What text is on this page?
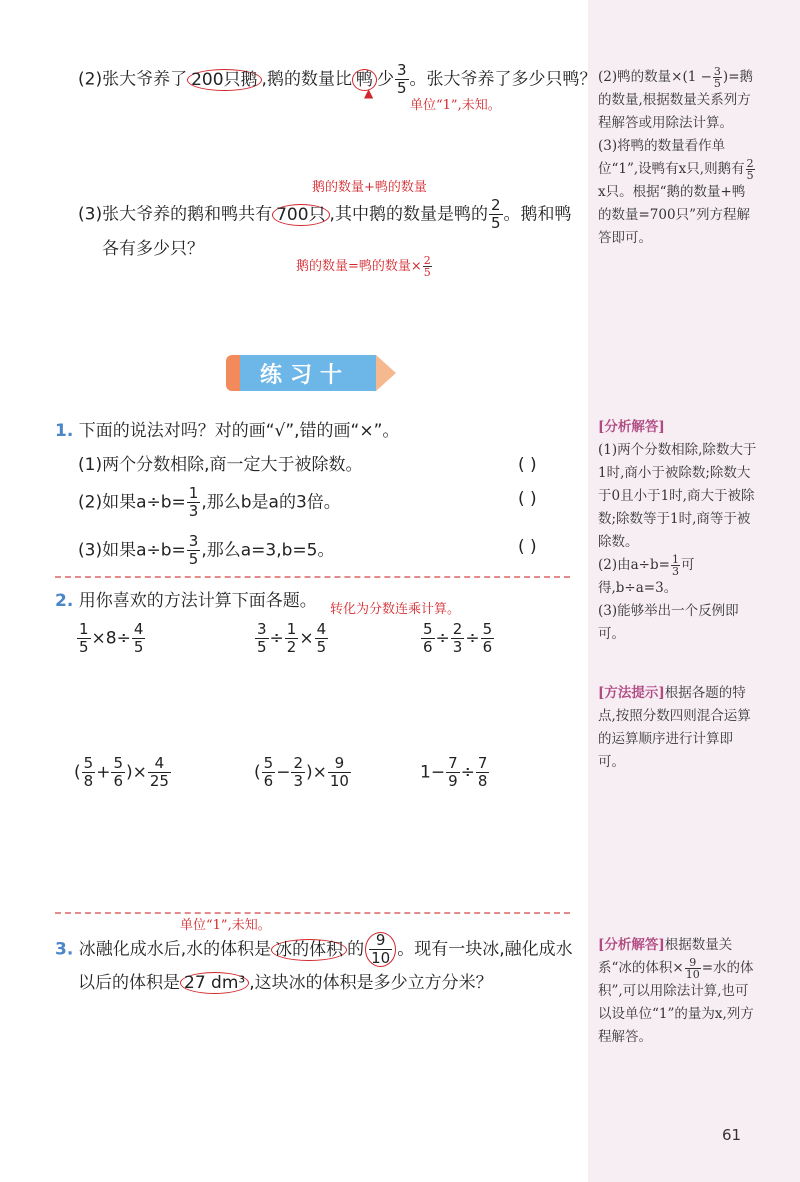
(2)张大爷养了 200只鹅 ,鹅的数量比 鸭 少 $\frac{3}{5}$ 。张大爷养了多少只鸭？
▲
单位“1”,未知。
鹅的数量+鸭的数量
(3)张大爷养的鹅和鸭共有 700只 ,其中鹅的数量是鸭的 $\frac{2}{5}$ 。鹅和鸭
各有多少只？
鹅的数量=鸭的数量× $\frac{2}{5}$
(2)鸭的数量$\times(1 - \frac{3}{5}$ )=鹅的数量,根据数量关系列方程解答或用除法计算。
(3)将鸭的数量看作单位“1”,设鸭有x只,则鹅有 $\frac{2}{5}$
x只。根据“鹅的数量+鸭的数量=700只”列方程解答即可。
练习十
1. 下面的说法对吗？对的画“√”,错的画“×”。
(1)两个分数相除,商一定大于被除数。	( )
(2)如果$a\div b= \frac{1}{3}$ ,那么b是a的3倍。	( )
(3)如果$a\div b= \frac{3}{5}$ ,那么a=3,b=5。	( )
[分析解答]
(1)两个分数相除,除数大于1时,商小于被除数;除数大于0且小于1时,商大于被除数;除数等于1时,商等于被除数。
(2)由$a\div b= \frac{1}{3}$ 可得,b÷a=3。
(3)能够举出一个反例即可。
[方法提示]根据各题的特点,按照分数四则混合运算的运算顺序进行计算即可。
2. 用你喜欢的方法计算下面各题。 转化为分数连乘计算。
$\frac{1}{5} \times 8\div \frac{4}{5}$	$\frac{3}{5} \div \frac{1}{2} \times \frac{4}{5}$	$\frac{5}{6} \div \frac{2}{3} \div \frac{5}{6}$
( $\frac{5}{8} + \frac{5}{6}$ )× $\frac{4}{25}$	( $\frac{5}{6} - \frac{2}{3}$ )× $\frac{9}{10}$	$1- \frac{7}{9} \div \frac{7}{8}$
单位“1”,未知。
3. 冰融化成水后,水的体积是 冰的体积 的 $\frac{9}{10}$ 。现有一块冰,融化成水
以后的体积是 27 dm³ ,这块冰的体积是多少立方分米？
[分析解答]根据数量关系“冰的体积× $\frac{9}{10}$ =水的体积”,可以用除法计算,也可以设单位“1”的量为x,列方程解答。
61
